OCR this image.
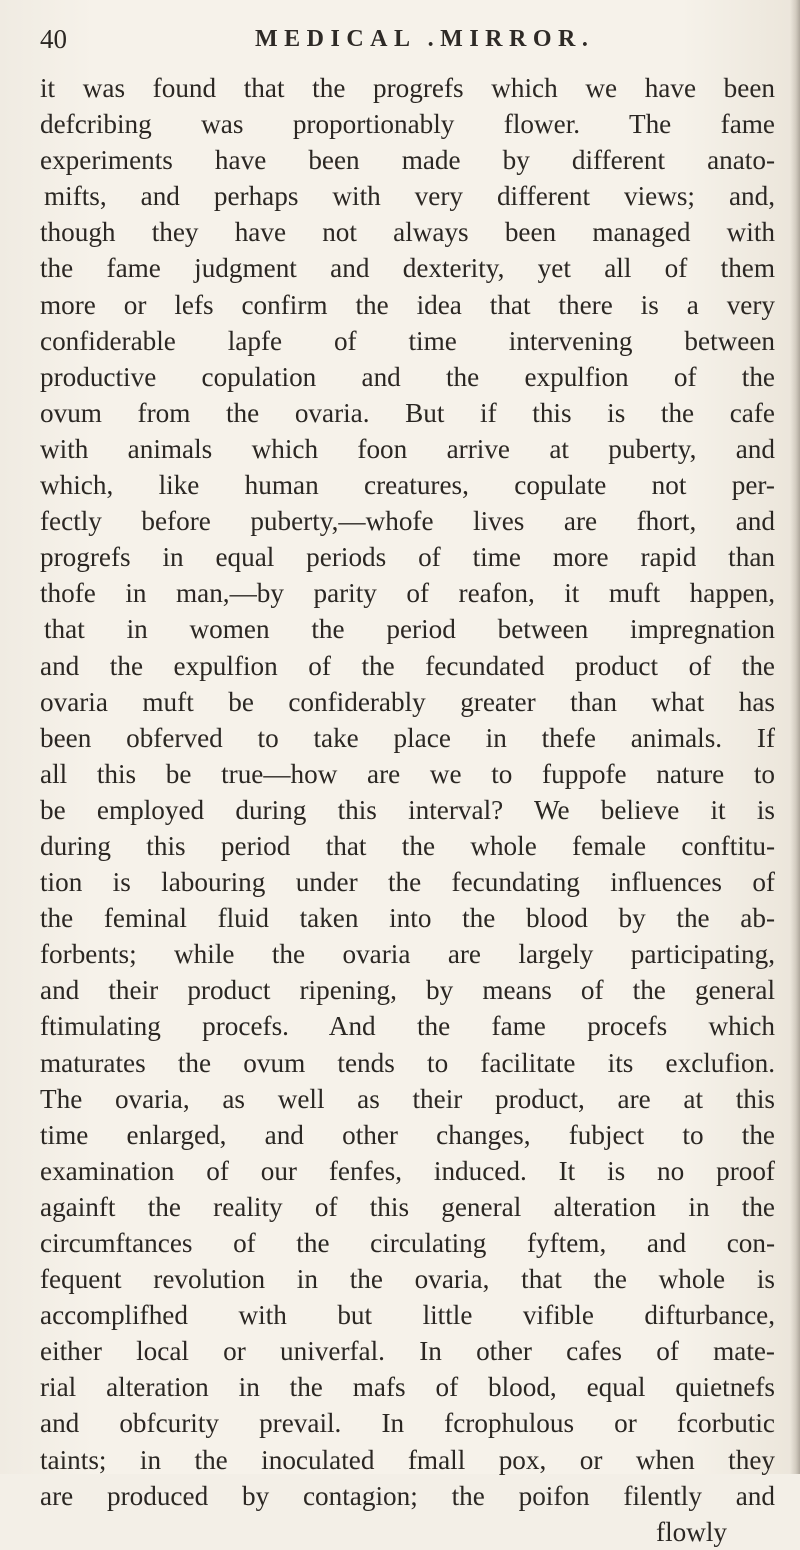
40	MEDICAL .MIRROR.
it was found that the progrefs which we have been
defcribing was proportionably flower. The fame
experiments have been made by different anato-
mifts, and perhaps with very different views; and,
though they have not always been managed with
the fame judgment and dexterity, yet all of them
more or lefs confirm the idea that there is a very
confiderable lapfe of time intervening between
productive copulation and the expulfion of the
ovum from the ovaria. But if this is the cafe
with animals which foon arrive at puberty, and
which, like human creatures, copulate not per-
fectly before puberty,—whofe lives are fhort, and
progrefs in equal periods of time more rapid than
thofe in man,—by parity of reafon, it muft happen,
that in women the period between impregnation
and the expulfion of the fecundated product of the
ovaria muft be confiderably greater than what has
been obferved to take place in thefe animals. If
all this be true—how are we to fuppofe nature to
be employed during this interval? We believe it is
during this period that the whole female conftitu-
tion is labouring under the fecundating influences of
the feminal fluid taken into the blood by the ab-
forbents; while the ovaria are largely participating,
and their product ripening, by means of the general
ftimulating procefs. And the fame procefs which
maturates the ovum tends to facilitate its exclufion.
The ovaria, as well as their product, are at this
time enlarged, and other changes, fubject to the
examination of our fenfes, induced. It is no proof
againft the reality of this general alteration in the
circumftances of the circulating fyftem, and con-
fequent revolution in the ovaria, that the whole is
accomplifhed with but little vifible difturbance,
either local or univerfal. In other cafes of mate-
rial alteration in the mafs of blood, equal quietnefs
and obfcurity prevail. In fcrophulous or fcorbutic
taints; in the inoculated fmall pox, or when they
are produced by contagion; the poifon filently and
flowly
